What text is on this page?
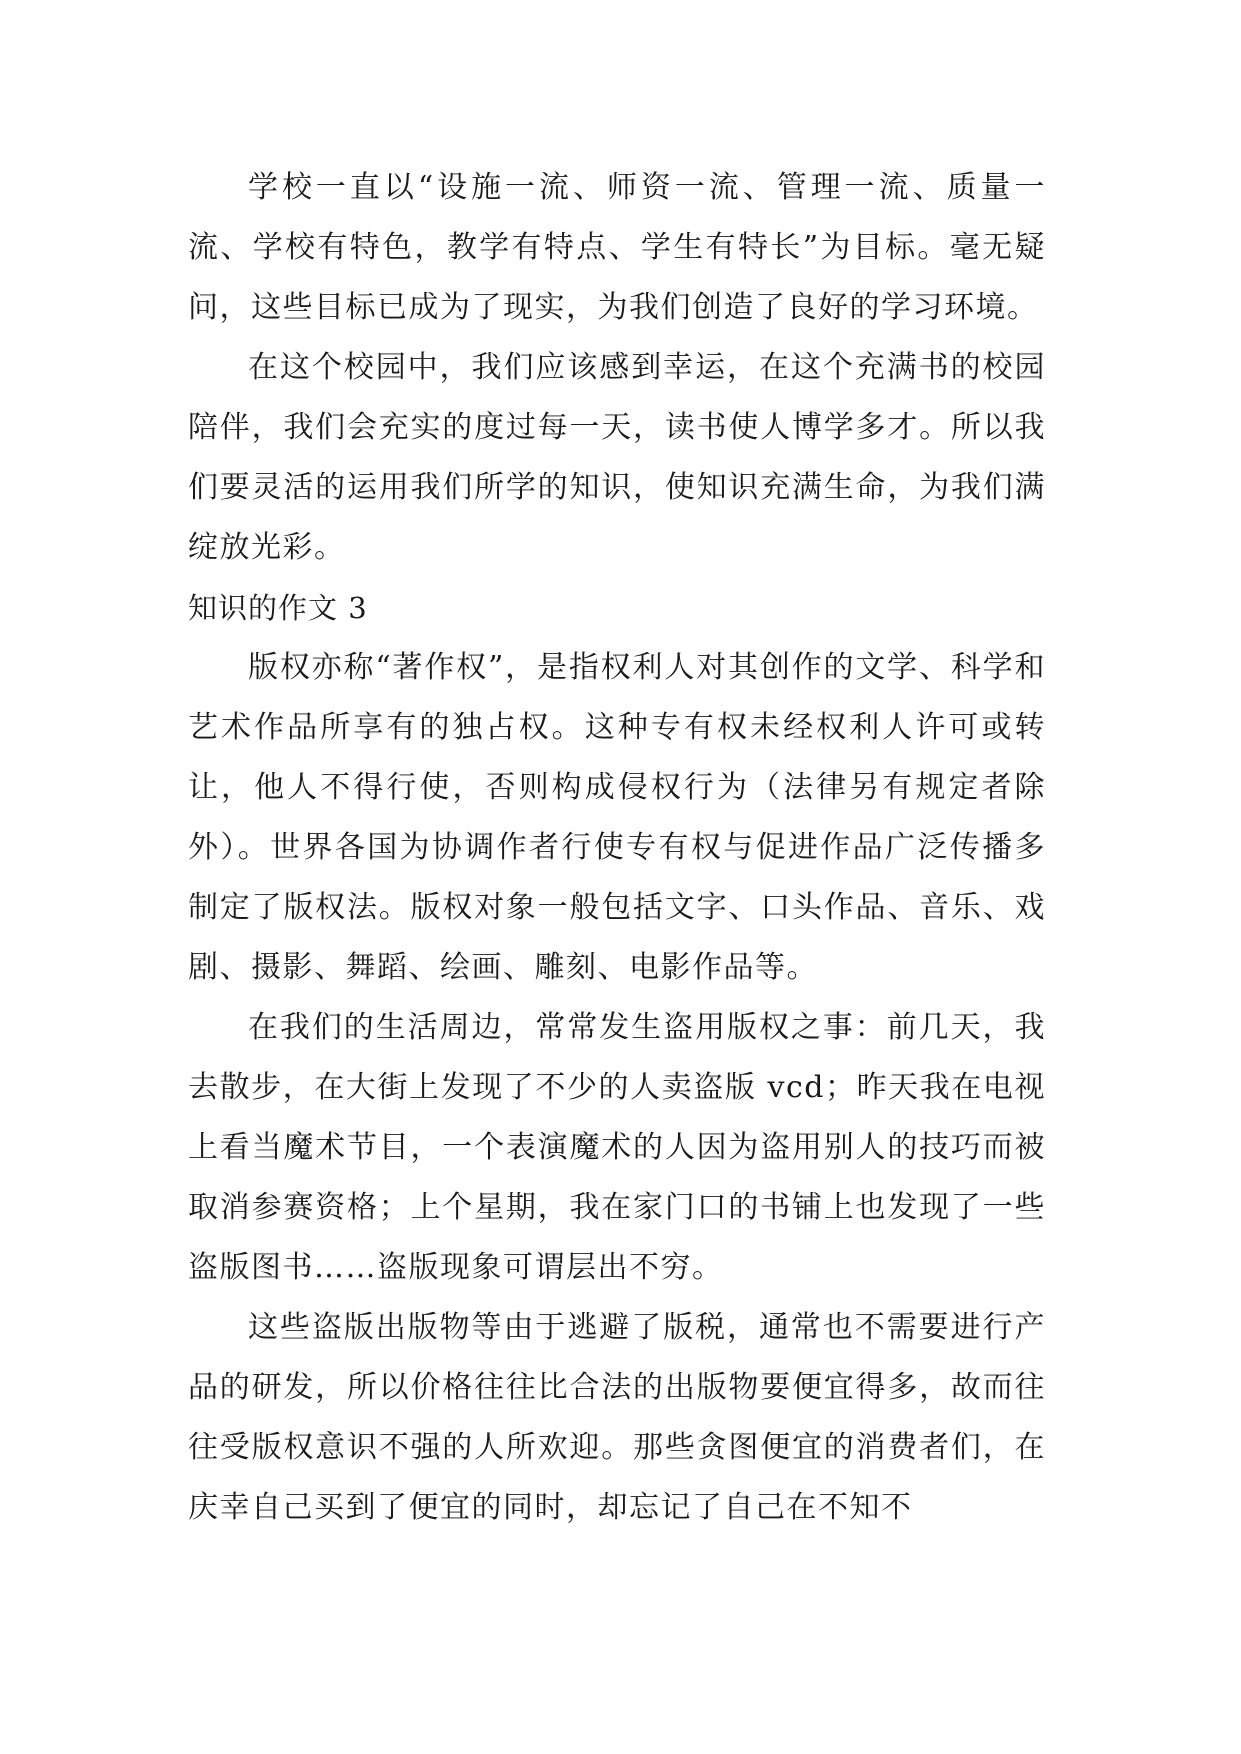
学校一直以“设施一流、师资一流、管理一流、质量一流、学校有特色，教学有特点、学生有特长”为目标。毫无疑问，这些目标已成为了现实，为我们创造了良好的学习环境。

在这个校园中，我们应该感到幸运，在这个充满书的校园陪伴，我们会充实的度过每一天，读书使人博学多才。所以我们要灵活的运用我们所学的知识，使知识充满生命，为我们满绽放光彩。

知识的作文 3

版权亦称“著作权”，是指权利人对其创作的文学、科学和艺术作品所享有的独占权。这种专有权未经权利人许可或转让，他人不得行使，否则构成侵权行为（法律另有规定者除外）。世界各国为协调作者行使专有权与促进作品广泛传播多制定了版权法。版权对象一般包括文字、口头作品、音乐、戏剧、摄影、舞蹈、绘画、雕刻、电影作品等。

在我们的生活周边，常常发生盗用版权之事：前几天，我去散步，在大街上发现了不少的人卖盗版 vcd；昨天我在电视上看当魔术节目，一个表演魔术的人因为盗用别人的技巧而被取消参赛资格；上个星期，我在家门口的书铺上也发现了一些盗版图书……盗版现象可谓层出不穷。

这些盗版出版物等由于逃避了版税，通常也不需要进行产品的研发，所以价格往往比合法的出版物要便宜得多，故而往往受版权意识不强的人所欢迎。那些贪图便宜的消费者们，在庆幸自己买到了便宜的同时，却忘记了自己在不知不
